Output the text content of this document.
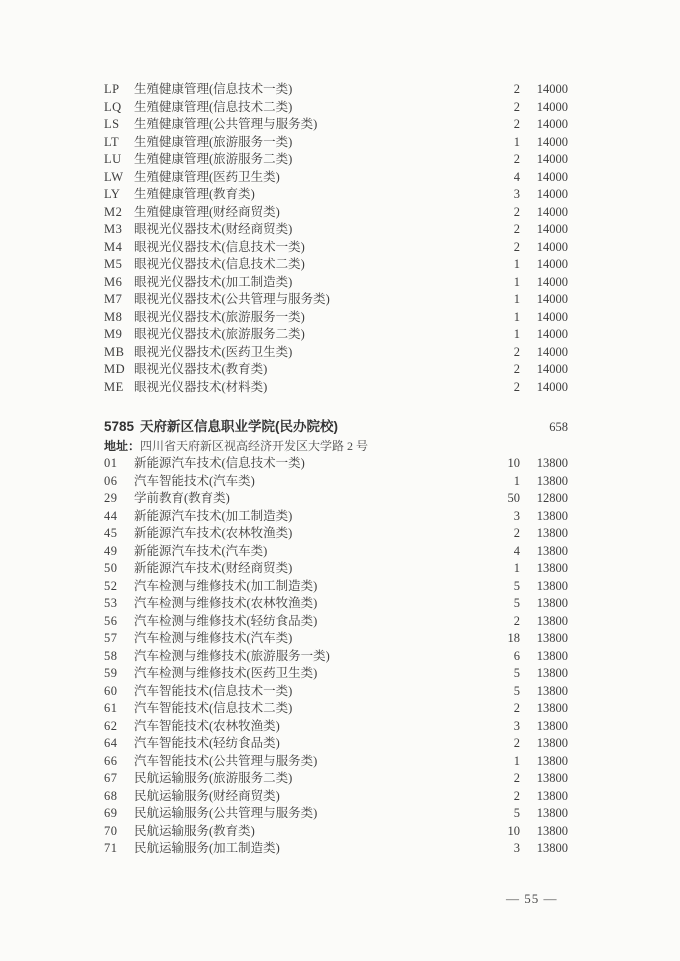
LP	生殖健康管理(信息技术一类)	2	14000
LQ 生殖健康管理(信息技术二类)	2	14000
LS	生殖健康管理(公共管理与服务类)	2	14000
LT	生殖健康管理(旅游服务一类)	1	14000
LU 生殖健康管理(旅游服务二类)	2	14000
LW 生殖健康管理(医药卫生类)	4	14000
LY	生殖健康管理(教育类)	3	14000
M2 生殖健康管理(财经商贸类)	2	14000
M3 眼视光仪器技术(财经商贸类)	2	14000
M4 眼视光仪器技术(信息技术一类)	2	14000
M5 眼视光仪器技术(信息技术二类)	1	14000
M6 眼视光仪器技术(加工制造类)	1	14000
M7 眼视光仪器技术(公共管理与服务类)	1	14000
M8 眼视光仪器技术(旅游服务一类)	1	14000
M9 眼视光仪器技术(旅游服务二类)	1	14000
MB 眼视光仪器技术(医药卫生类)	2	14000
MD 眼视光仪器技术(教育类)	2	14000
ME 眼视光仪器技术(材料类)	2	14000
5785 天府新区信息职业学院(民办院校)	658
地址：四川省天府新区视高经济开发区大学路 2 号
01	新能源汽车技术(信息技术一类)	10	13800
06	汽车智能技术(汽车类)	1	13800
29	学前教育(教育类)	50	12800
44	新能源汽车技术(加工制造类)	3	13800
45	新能源汽车技术(农林牧渔类)	2	13800
49	新能源汽车技术(汽车类)	4	13800
50	新能源汽车技术(财经商贸类)	1	13800
52	汽车检测与维修技术(加工制造类)	5	13800
53	汽车检测与维修技术(农林牧渔类)	5	13800
56	汽车检测与维修技术(轻纺食品类)	2	13800
57	汽车检测与维修技术(汽车类)	18	13800
58	汽车检测与维修技术(旅游服务一类)	6	13800
59	汽车检测与维修技术(医药卫生类)	5	13800
60	汽车智能技术(信息技术一类)	5	13800
61	汽车智能技术(信息技术二类)	2	13800
62	汽车智能技术(农林牧渔类)	3	13800
64	汽车智能技术(轻纺食品类)	2	13800
66	汽车智能技术(公共管理与服务类)	1	13800
67	民航运输服务(旅游服务二类)	2	13800
68	民航运输服务(财经商贸类)	2	13800
69	民航运输服务(公共管理与服务类)	5	13800
70	民航运输服务(教育类)	10	13800
71	民航运输服务(加工制造类)	3	13800
— 55 —
